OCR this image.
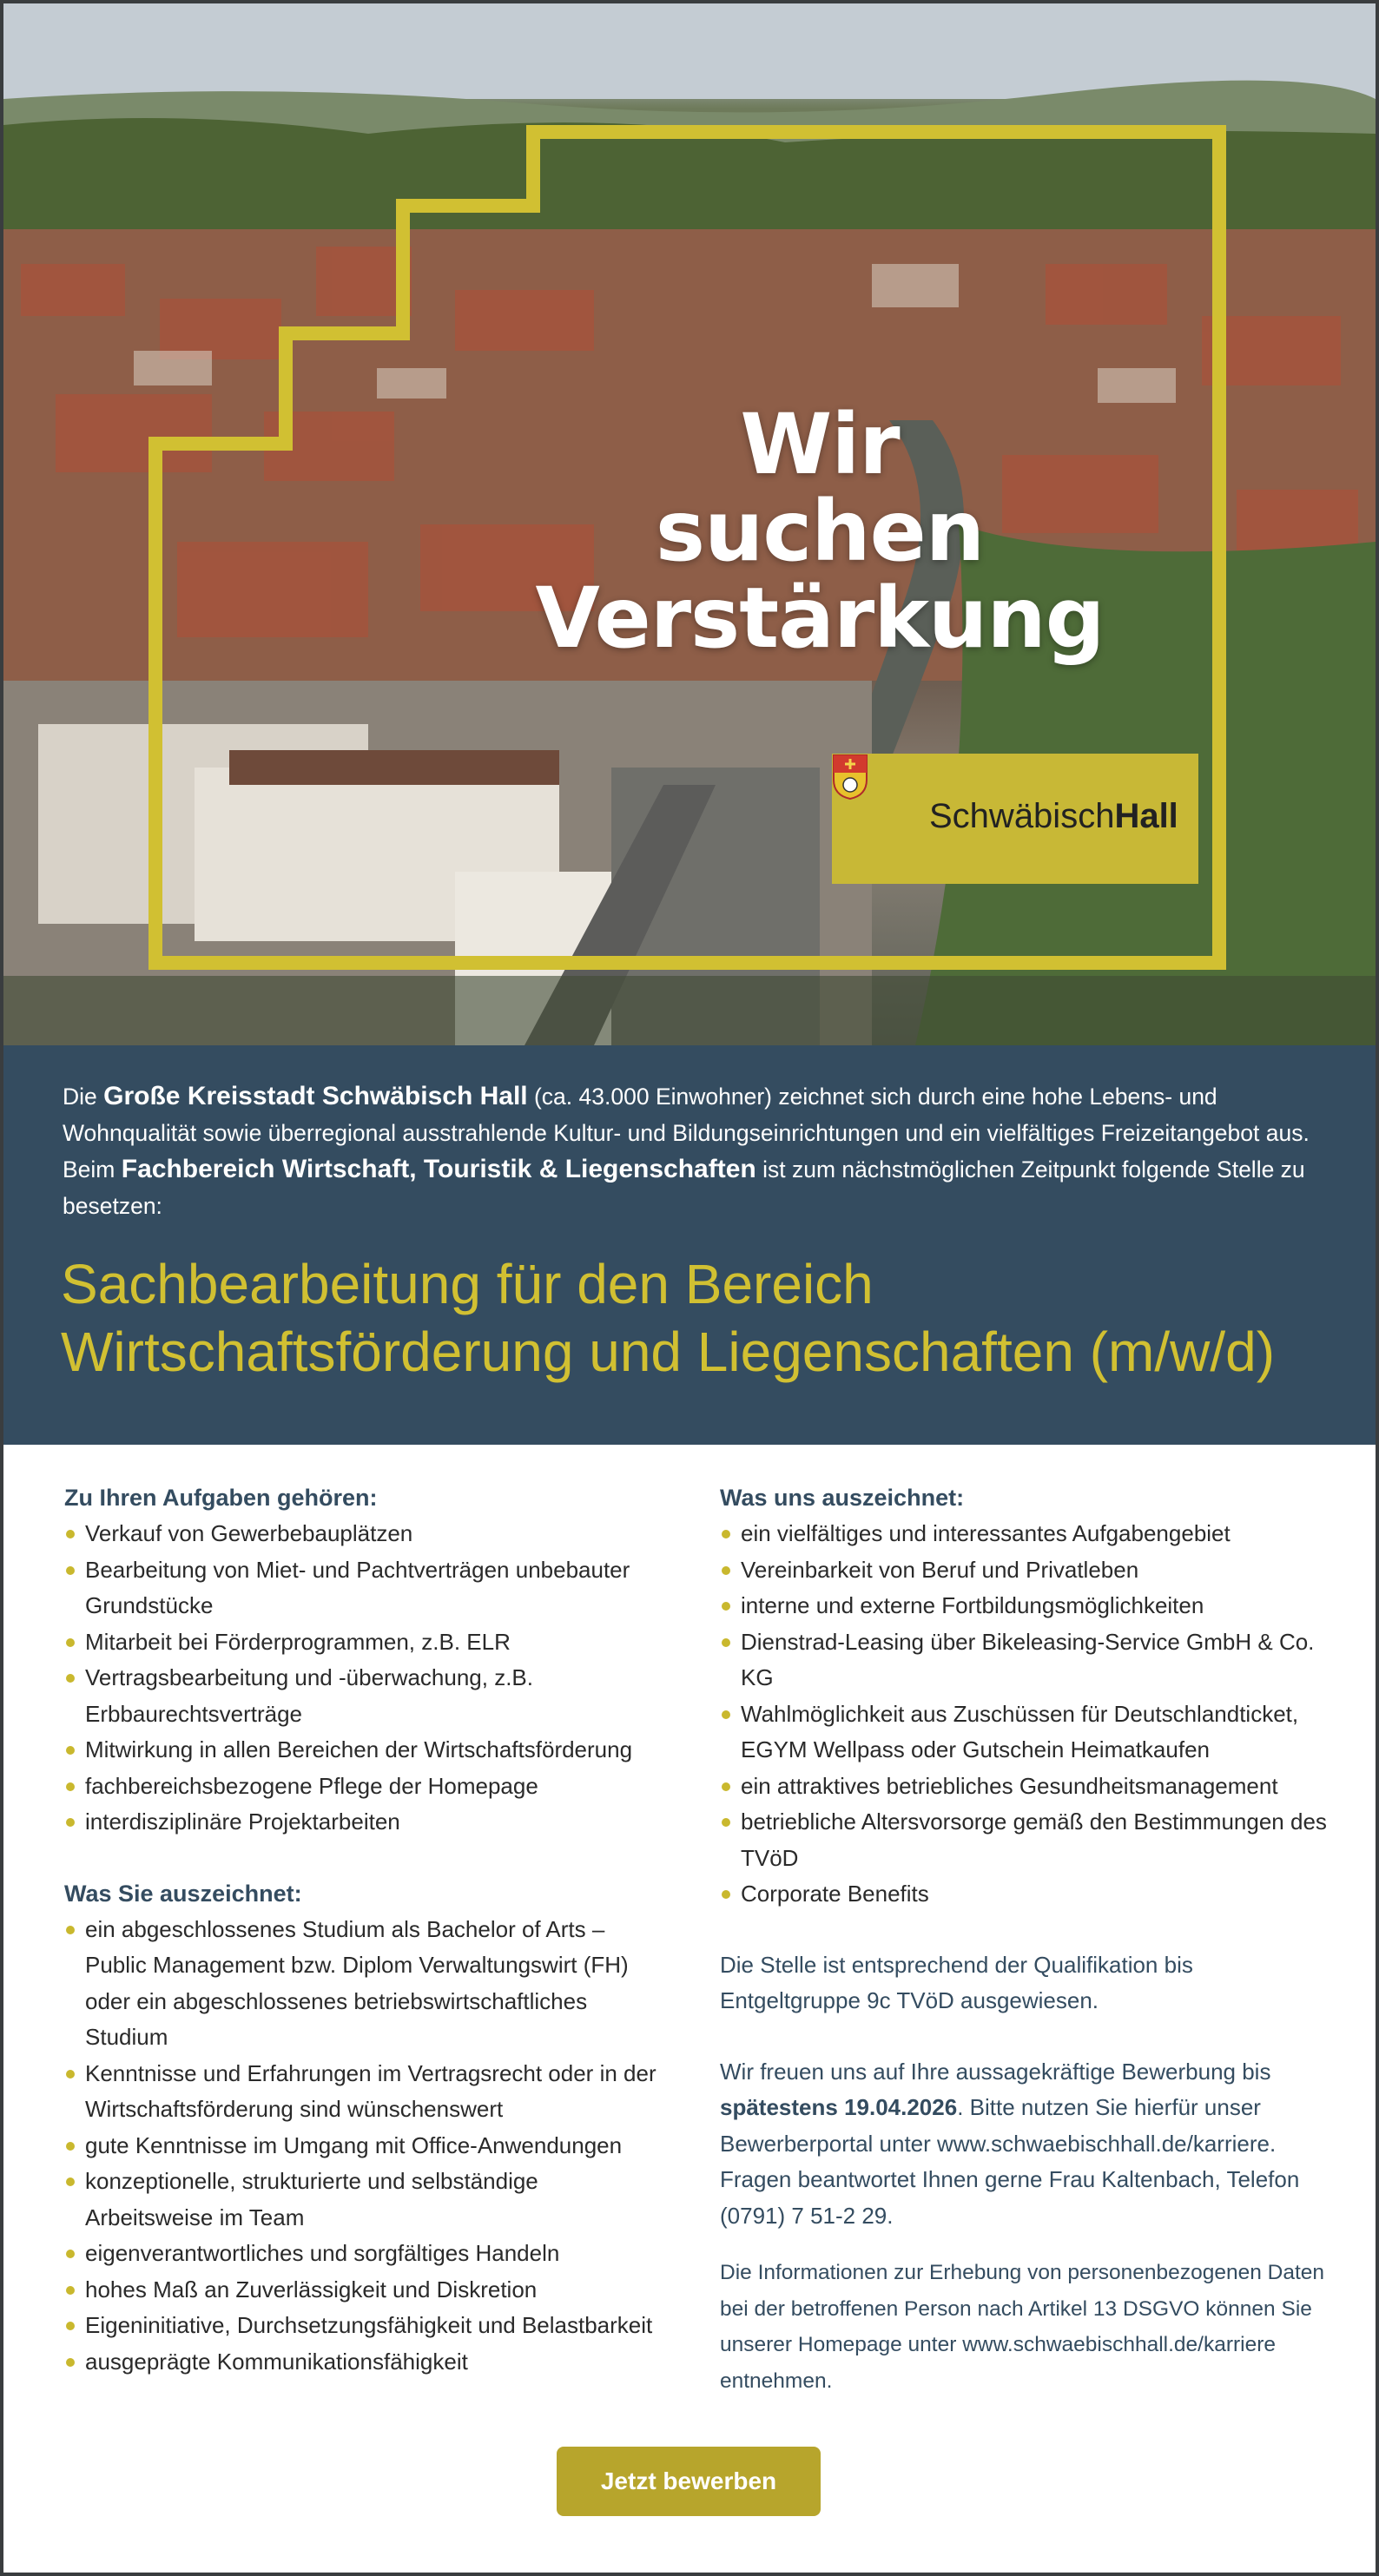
Wir
suchen
Verstärkung
SchwäbischHall
Die Große Kreisstadt Schwäbisch Hall (ca. 43.000 Einwohner) zeichnet sich durch eine hohe Lebens- und Wohnqualität sowie überregional ausstrahlende Kultur- und Bildungseinrichtungen und ein vielfältiges Freizeitangebot aus.
Beim Fachbereich Wirtschaft, Touristik & Liegenschaften ist zum nächstmöglichen Zeitpunkt folgende Stelle zu besetzen:
Sachbearbeitung für den Bereich
Wirtschaftsförderung und Liegenschaften (m/w/d)
Zu Ihren Aufgaben gehören:
Verkauf von Gewerbebauplätzen
Bearbeitung von Miet- und Pachtverträgen unbebauter Grundstücke
Mitarbeit bei Förderprogrammen, z.B. ELR
Vertragsbearbeitung und -überwachung, z.B. Erbbaurechtsverträge
Mitwirkung in allen Bereichen der Wirtschaftsförderung
fachbereichsbezogene Pflege der Homepage
interdisziplinäre Projektarbeiten
Was Sie auszeichnet:
ein abgeschlossenes Studium als Bachelor of Arts – Public Management bzw. Diplom Verwaltungswirt (FH) oder ein abgeschlossenes betriebswirtschaftliches Studium
Kenntnisse und Erfahrungen im Vertragsrecht oder in der Wirtschaftsförderung sind wünschenswert
gute Kenntnisse im Umgang mit Office-Anwendungen
konzeptionelle, strukturierte und selbständige Arbeitsweise im Team
eigenverantwortliches und sorgfältiges Handeln
hohes Maß an Zuverlässigkeit und Diskretion
Eigeninitiative, Durchsetzungsfähigkeit und Belastbarkeit
ausgeprägte Kommunikationsfähigkeit
Was uns auszeichnet:
ein vielfältiges und interessantes Aufgabengebiet
Vereinbarkeit von Beruf und Privatleben
interne und externe Fortbildungsmöglichkeiten
Dienstrad-Leasing über Bikeleasing-Service GmbH & Co. KG
Wahlmöglichkeit aus Zuschüssen für Deutschlandticket, EGYM Wellpass oder Gutschein Heimatkaufen
ein attraktives betriebliches Gesundheitsmanagement
betriebliche Altersvorsorge gemäß den Bestimmungen des TVöD
Corporate Benefits
Die Stelle ist entsprechend der Qualifikation bis Entgeltgruppe 9c TVöD ausgewiesen.
Wir freuen uns auf Ihre aussagekräftige Bewerbung bis spätestens 19.04.2026. Bitte nutzen Sie hierfür unser Bewerberportal unter www.schwaebischhall.de/karriere. Fragen beantwortet Ihnen gerne Frau Kaltenbach, Telefon (0791) 7 51-2 29.
Die Informationen zur Erhebung von personenbezogenen Daten bei der betroffenen Person nach Artikel 13 DSGVO können Sie unserer Homepage unter www.schwaebischhall.de/karriere entnehmen.
Jetzt bewerben
